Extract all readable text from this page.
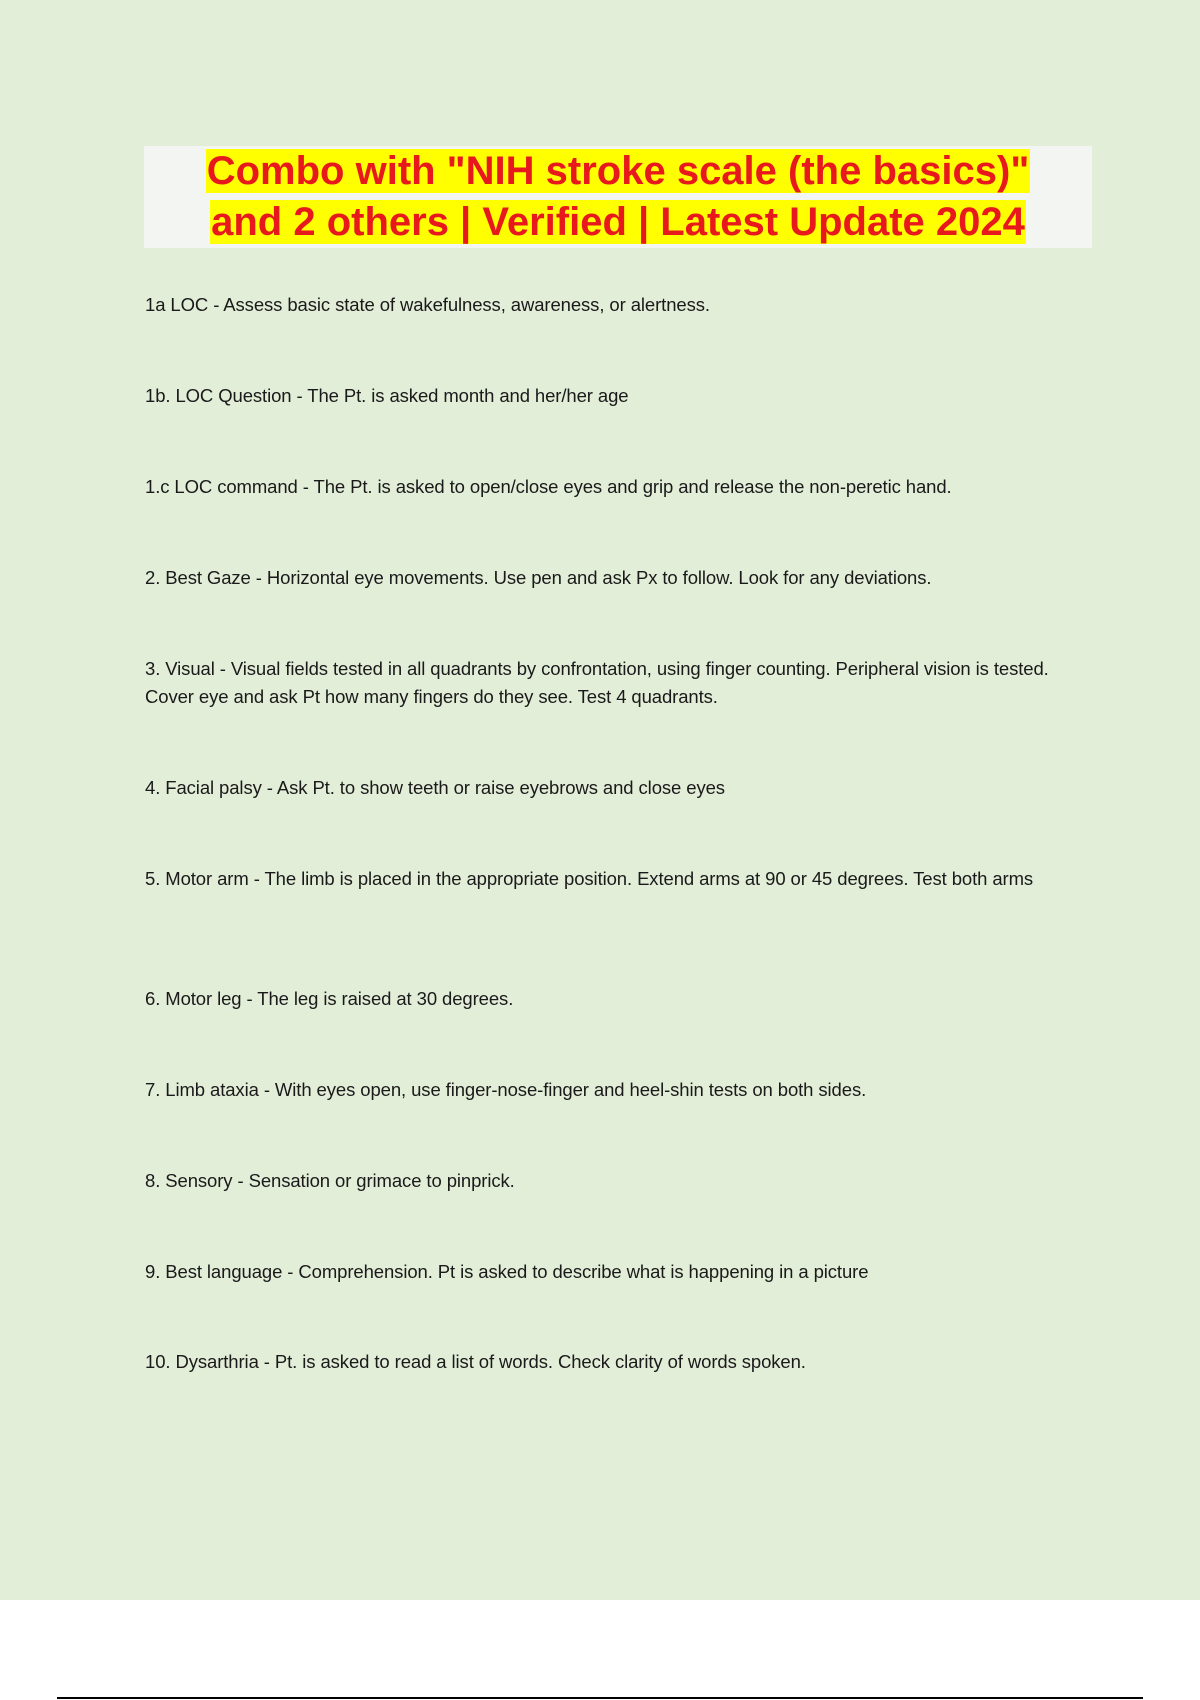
Combo with "NIH stroke scale (the basics)"
and 2 others | Verified | Latest Update 2024
1a LOC - Assess basic state of wakefulness, awareness, or alertness.
1b. LOC Question - The Pt. is asked month and her/her age
1.c LOC command - The Pt. is asked to open/close eyes and grip and release the non-peretic hand.
2. Best Gaze - Horizontal eye movements. Use pen and ask Px to follow. Look for any deviations.
3. Visual - Visual fields tested in all quadrants by confrontation, using finger counting. Peripheral vision is tested. Cover eye and ask Pt how many fingers do they see. Test 4 quadrants.
4. Facial palsy - Ask Pt. to show teeth or raise eyebrows and close eyes
5. Motor arm - The limb is placed in the appropriate position. Extend arms at 90 or 45 degrees. Test both arms
6. Motor leg - The leg is raised at 30 degrees.
7. Limb ataxia - With eyes open, use finger-nose-finger and heel-shin tests on both sides.
8. Sensory - Sensation or grimace to pinprick.
9. Best language - Comprehension. Pt is asked to describe what is happening in a picture
10. Dysarthria - Pt. is asked to read a list of words. Check clarity of words spoken.
